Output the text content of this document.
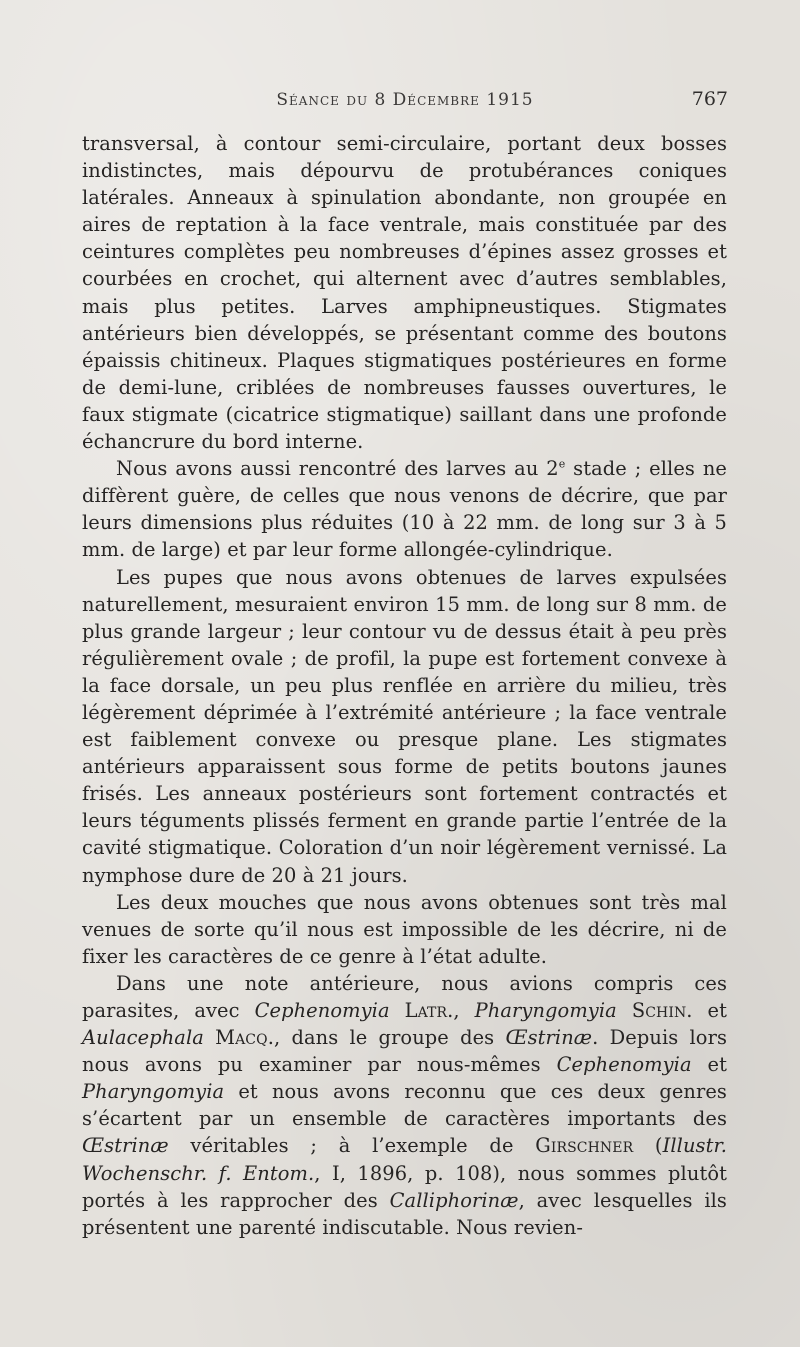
Séance du 8 Décembre 1915	767

transversal, à contour semi-circulaire, portant deux bosses indistinctes, mais dépourvu de protubérances coniques latérales. Anneaux à spinulation abondante, non groupée en aires de reptation à la face ventrale, mais constituée par des ceintures complètes peu nombreuses d’épines assez grosses et courbées en crochet, qui alternent avec d’autres semblables, mais plus petites. Larves amphipneustiques. Stigmates antérieurs bien développés, se présentant comme des boutons épaissis chitineux. Plaques stigmatiques postérieures en forme de demi-lune, criblées de nombreuses fausses ouvertures, le faux stigmate (cicatrice stigmatique) saillant dans une profonde échancrure du bord interne.

Nous avons aussi rencontré des larves au 2e stade ; elles ne diffèrent guère, de celles que nous venons de décrire, que par leurs dimensions plus réduites (10 à 22 mm. de long sur 3 à 5 mm. de large) et par leur forme allongée-cylindrique.

Les pupes que nous avons obtenues de larves expulsées naturellement, mesuraient environ 15 mm. de long sur 8 mm. de plus grande largeur ; leur contour vu de dessus était à peu près régulièrement ovale ; de profil, la pupe est fortement convexe à la face dorsale, un peu plus renflée en arrière du milieu, très légèrement déprimée à l’extrémité antérieure ; la face ventrale est faiblement convexe ou presque plane. Les stigmates antérieurs apparaissent sous forme de petits boutons jaunes frisés. Les anneaux postérieurs sont fortement contractés et leurs téguments plissés ferment en grande partie l’entrée de la cavité stigmatique. Coloration d’un noir légèrement vernissé. La nymphose dure de 20 à 21 jours.

Les deux mouches que nous avons obtenues sont très mal venues de sorte qu’il nous est impossible de les décrire, ni de fixer les caractères de ce genre à l’état adulte.

Dans une note antérieure, nous avions compris ces parasites, avec Cephenomyia Latr., Pharyngomyia Schin. et Aulacephala Macq., dans le groupe des Œstrinæ. Depuis lors nous avons pu examiner par nous-mêmes Cephenomyia et Pharyngomyia et nous avons reconnu que ces deux genres s’écartent par un ensemble de caractères importants des Œstrinæ véritables ; à l’exemple de Girschner (Illustr. Wochenschr. f. Entom., I, 1896, p. 108), nous sommes plutôt portés à les rapprocher des Calliphorinæ, avec lesquelles ils présentent une parenté indiscutable. Nous revien-
